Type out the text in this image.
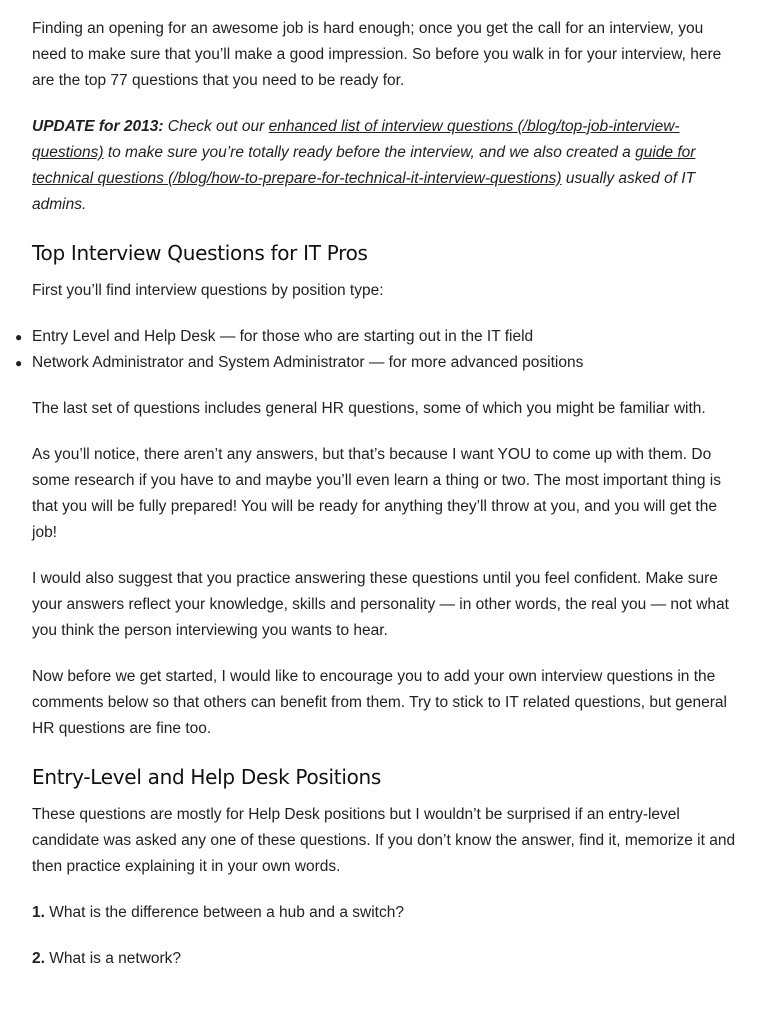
Finding an opening for an awesome job is hard enough; once you get the call for an interview, you need to make sure that you’ll make a good impression. So before you walk in for your interview, here are the top 77 questions that you need to be ready for.

UPDATE for 2013: Check out our enhanced list of interview questions (/blog/top-job-interview-questions) to make sure you’re totally ready before the interview, and we also created a guide for technical questions (/blog/how-to-prepare-for-technical-it-interview-questions) usually asked of IT admins.

Top Interview Questions for IT Pros

First you’ll find interview questions by position type:

● Entry Level and Help Desk — for those who are starting out in the IT field
● Network Administrator and System Administrator — for more advanced positions

The last set of questions includes general HR questions, some of which you might be familiar with.

As you’ll notice, there aren’t any answers, but that’s because I want YOU to come up with them. Do some research if you have to and maybe you’ll even learn a thing or two. The most important thing is that you will be fully prepared! You will be ready for anything they’ll throw at you, and you will get the job!

I would also suggest that you practice answering these questions until you feel confident. Make sure your answers reflect your knowledge, skills and personality — in other words, the real you — not what you think the person interviewing you wants to hear.

Now before we get started, I would like to encourage you to add your own interview questions in the comments below so that others can benefit from them. Try to stick to IT related questions, but general HR questions are fine too.

Entry-Level and Help Desk Positions

These questions are mostly for Help Desk positions but I wouldn’t be surprised if an entry-level candidate was asked any one of these questions. If you don’t know the answer, find it, memorize it and then practice explaining it in your own words.

1. What is the difference between a hub and a switch?

2. What is a network?
